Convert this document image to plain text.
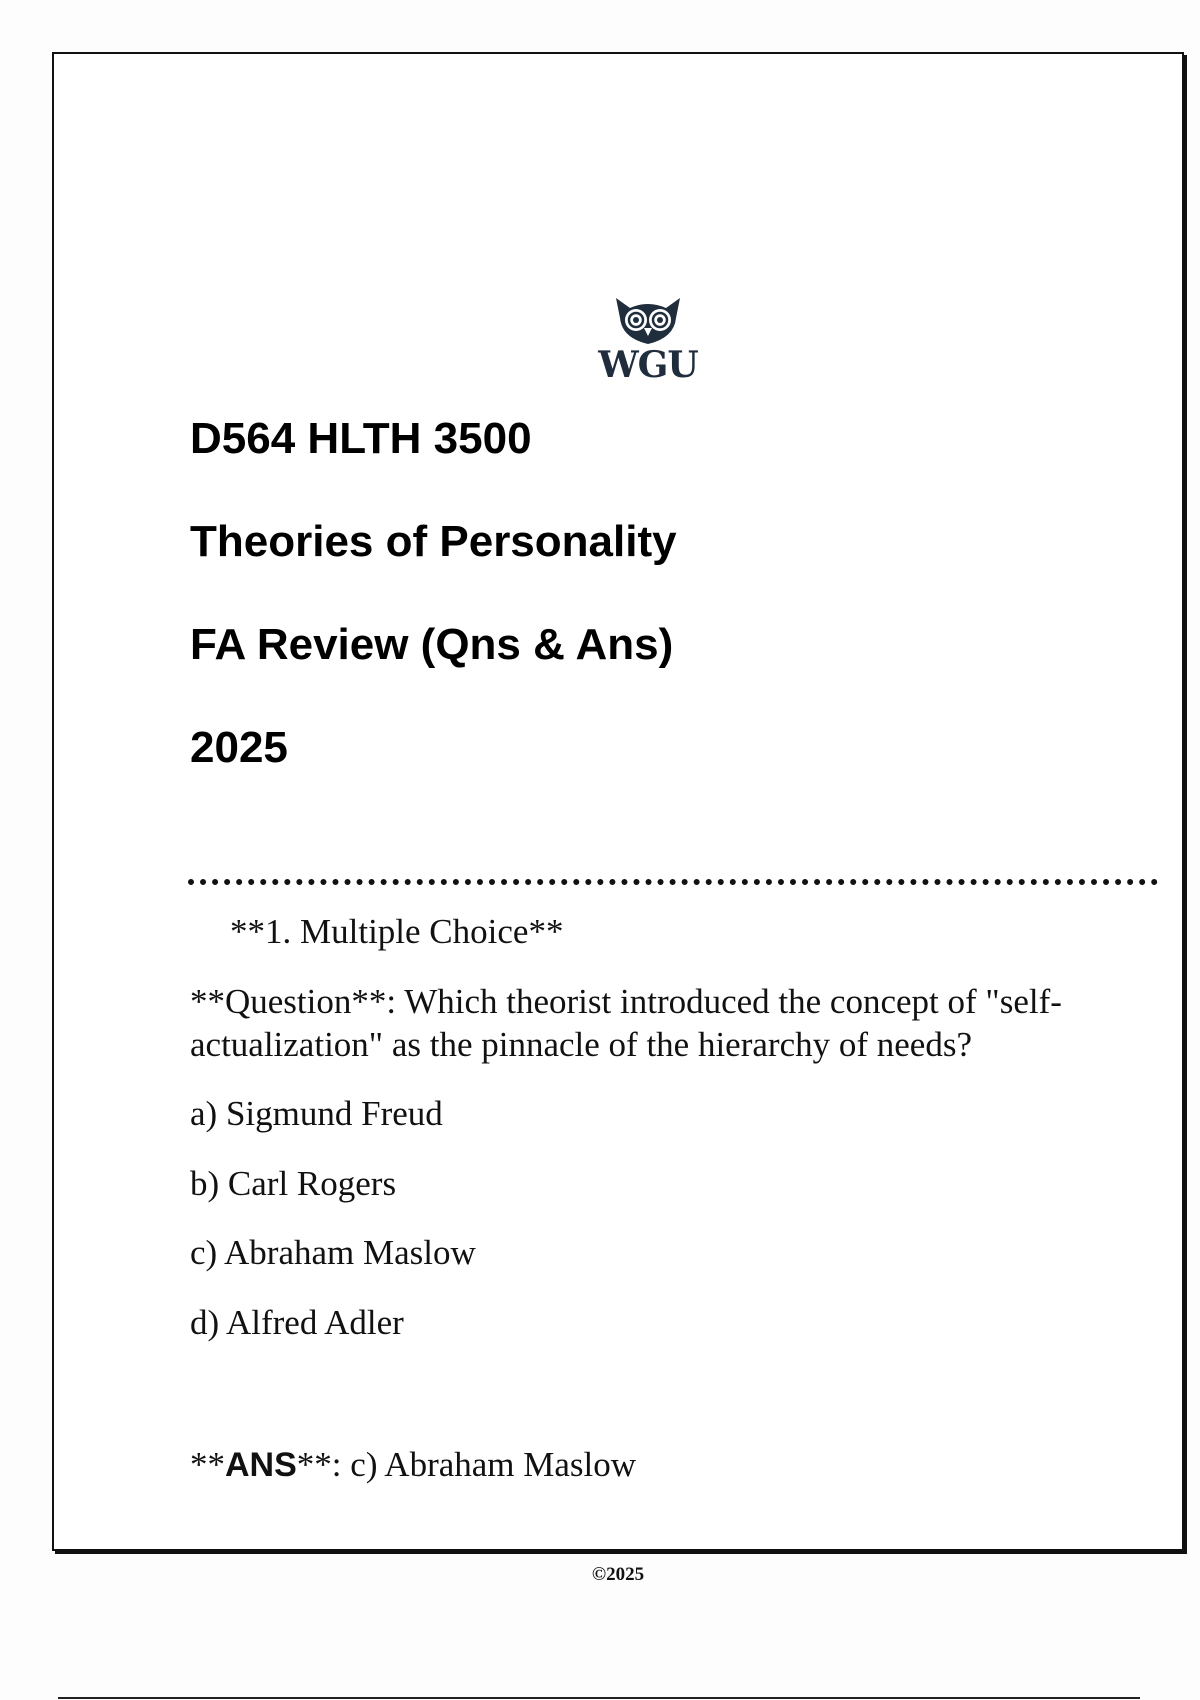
WGU
D564 HLTH 3500
Theories of Personality
FA Review (Qns & Ans)
2025
**1. Multiple Choice**
**Question**: Which theorist introduced the concept of "self-actualization" as the pinnacle of the hierarchy of needs?
a) Sigmund Freud
b) Carl Rogers
c) Abraham Maslow
d) Alfred Adler
**ANS**: c) Abraham Maslow
©2025
